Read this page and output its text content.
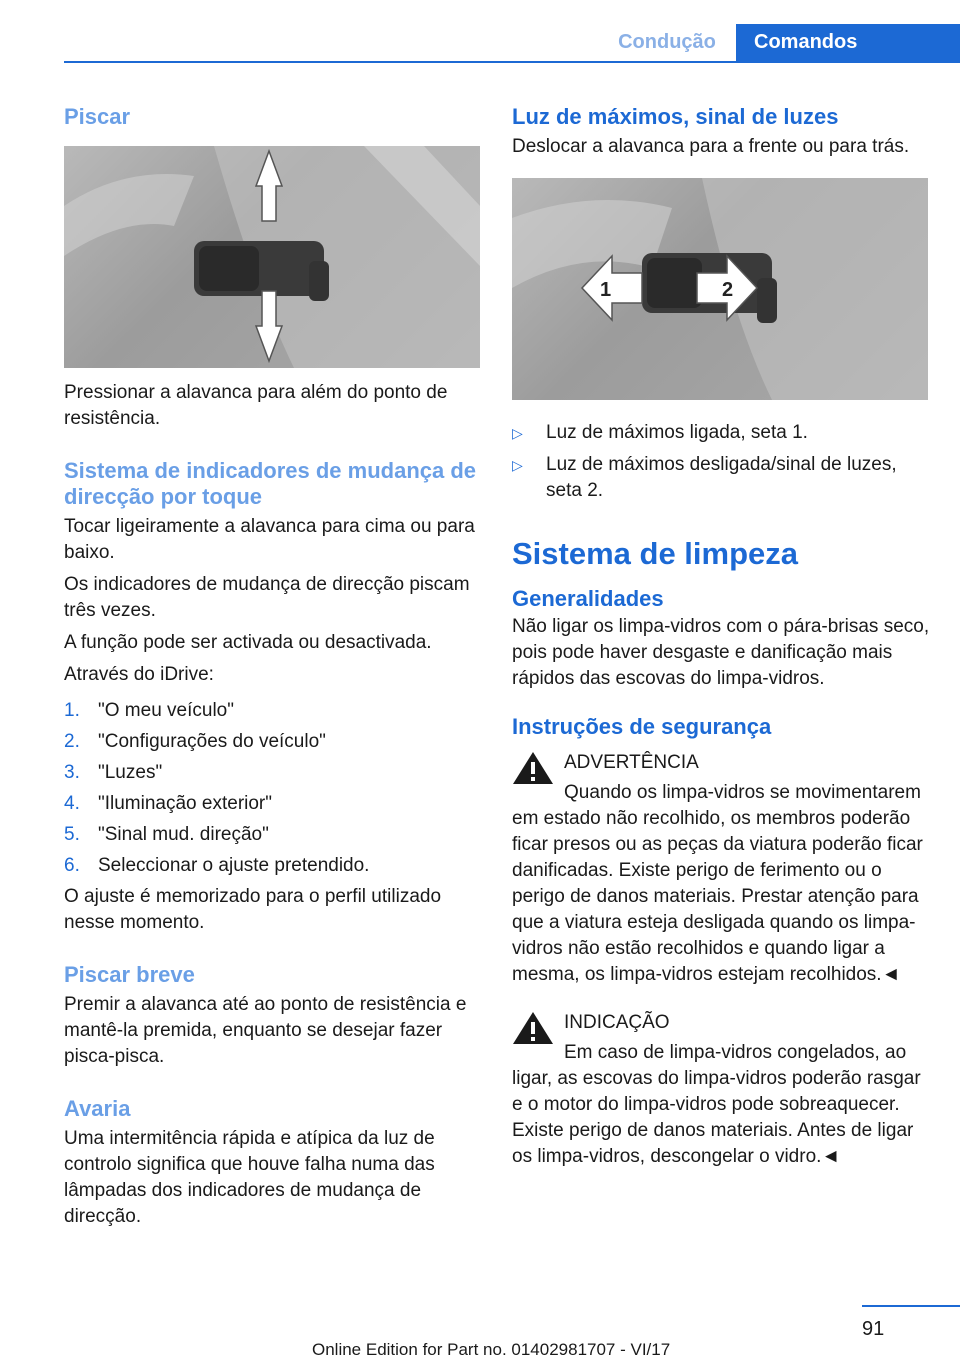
Condução	Comandos
Piscar

Pressionar a alavanca para além do ponto de resistência.

Sistema de indicadores de mudança de direcção por toque

Tocar ligeiramente a alavanca para cima ou para baixo.

Os indicadores de mudança de direcção piscam três vezes.

A função pode ser activada ou desactivada.

Através do iDrive:

1. "O meu veículo"
2. "Configurações do veículo"
3. "Luzes"
4. "Iluminação exterior"
5. "Sinal mud. direção"
6. Seleccionar o ajuste pretendido.

O ajuste é memorizado para o perfil utilizado nesse momento.

Piscar breve

Premir a alavanca até ao ponto de resistência e mantê-la premida, enquanto se desejar fazer pisca-pisca.

Avaria

Uma intermitência rápida e atípica da luz de controlo significa que houve falha numa das lâmpadas dos indicadores de mudança de direcção.

Luz de máximos, sinal de luzes

Deslocar a alavanca para a frente ou para trás.

1	2
▷	Luz de máximos ligada, seta 1.
▷	Luz de máximos desligada/sinal de luzes, seta 2.
Sistema de limpeza
Generalidades

Não ligar os limpa-vidros com o pára-brisas seco, pois pode haver desgaste e danificação mais rápidos das escovas do limpa-vidros.

Instruções de segurança
ADVERTÊNCIA

Quando os limpa-vidros se movimentarem em estado não recolhido, os membros poderão ficar presos ou as peças da viatura poderão ficar danificadas. Existe perigo de ferimento ou o perigo de danos materiais. Prestar atenção para que a viatura esteja desligada quando os limpa-vidros não estão recolhidos e quando ligar a mesma, os limpa-vidros estejam recolhidos.◄

INDICAÇÃO

Em caso de limpa-vidros congelados, ao ligar, as escovas do limpa-vidros poderão rasgar e o motor do limpa-vidros pode sobreaquecer. Existe perigo de danos materiais. Antes de ligar os limpa-vidros, descongelar o vidro.◄

91
Online Edition for Part no. 01402981707 - VI/17
